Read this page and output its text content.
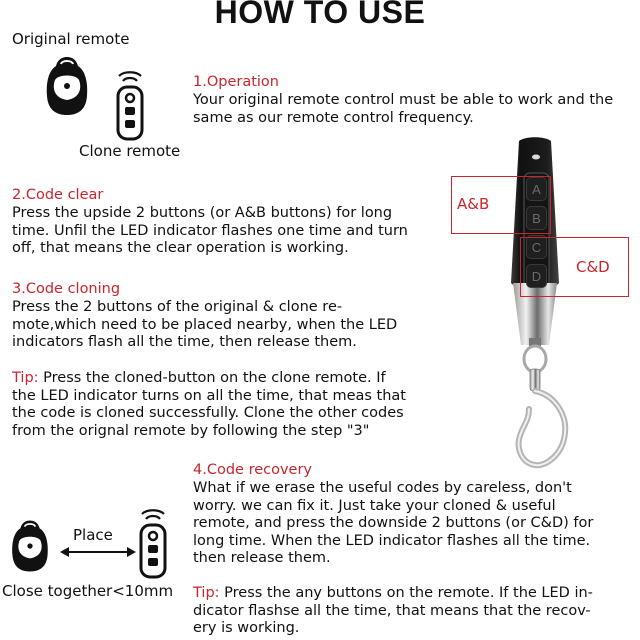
HOW TO USE
Original remote
Clone remote
1.Operation
Your original remote control must be able to work and the
same as our remote control frequency.
2.Code clear
Press the upside 2 buttons (or A&B buttons) for long
time. Unfil the LED indicator flashes one time and turn
off, that means the clear operation is working.
3.Code cloning
Press the 2 buttons of the original & clone re-
mote,which need to be placed nearby, when the LED
indicators flash all the time, then release them.
Tip: Press the cloned-button on the clone remote. If
the LED indicator turns on all the time, that meas that
the code is cloned successfully. Clone the other codes
from the orignal remote by following the step "3"
4.Code recovery
What if we erase the useful codes by careless, don't
worry. we can fix it. Just take your cloned & useful
remote, and press the downside 2 buttons (or C&D) for
long time. When the LED indicator flashes all the time.
then release them.
Tip: Press the any buttons on the remote. If the LED in-
dicator flashse all the time, that means that the recov-
ery is working.
A
B
C
D
A&B
C&D
Place
Close together<10mm
